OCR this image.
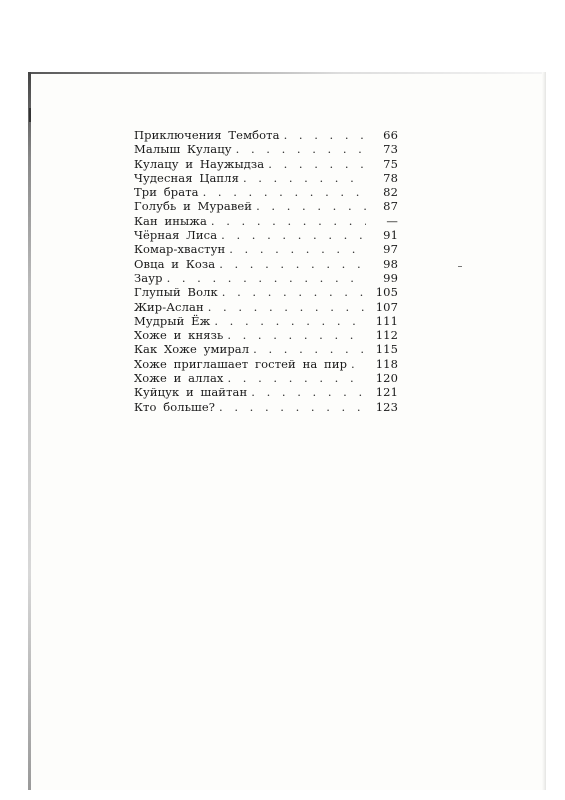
Приключения Тембота . . .	66
Малыш Кулацу . . .	73
Кулацу и Наужыдза . . .	75
Чудесная Цапля . . .	78
Три брата . . .	82
Голубь и Муравей . . .	87
Кан иныжа . . .	—
Чёрная Лиса . . .	91
Комар-хвастун . . .	97
Овца и Коза . . .	98
Заур . . .	99
Глупый Волк . . .	105
Жир-Аслан . . .	107
Мудрый Ёж . . .	111
Хоже и князь . . .	112
Как Хоже умирал . . .	115
Хоже приглашает гостей на пир . . .	118
Хоже и аллах . . .	120
Куйцук и шайтан . . .	121
Кто больше? . . .	123
